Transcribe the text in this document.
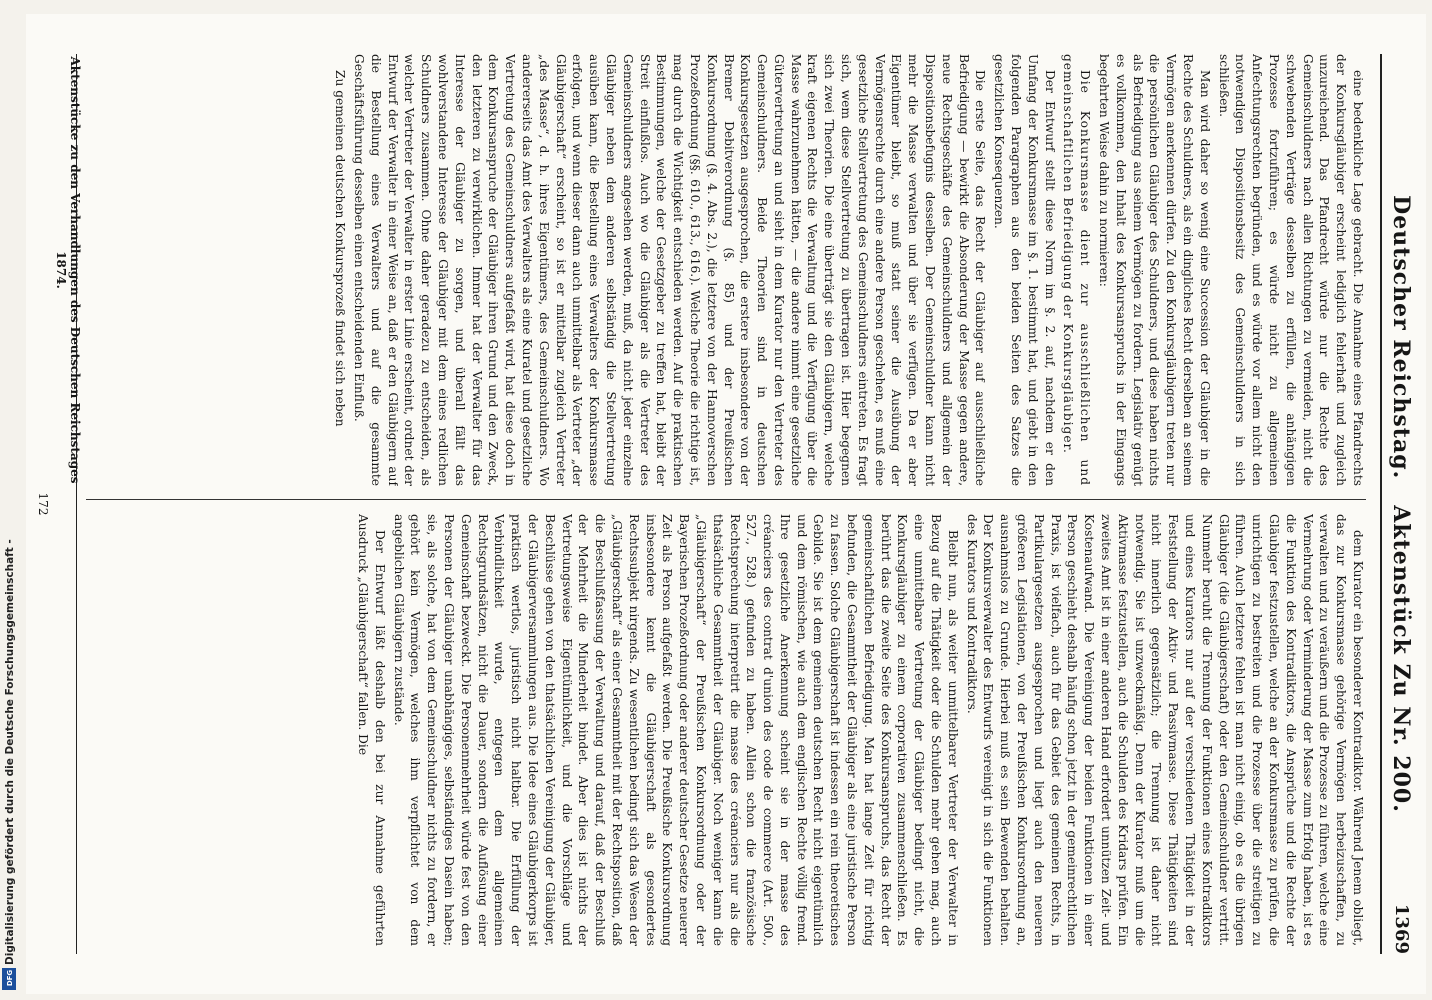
Digitalisierung gefördert durch die Deutsche Forschungsgemeinschaft -
DFG
Deutscher Reichstag.Aktenstück Zu Nr. 200.
1369

eine bedenkliche Lage gebracht. Die Annahme eines Pfandrechts der Konkursgläubiger erscheint lediglich fehlerhaft und zugleich unzureichend. Das Pfandrecht würde nur die Rechte des Gemeinschuldners nach allen Richtungen zu vermeiden, nicht die schwebenden Verträge desselben zu erfüllen, die anhängigen Prozesse fortzuführen; es würde nicht zu allgemeinen Anfechtungsrechten begründen, und es würde vor allem nicht den notwendigen Dispositionsbesitz des Gemeinschuldners in sich schließen.

Man wird daher so wenig eine Succession der Gläubiger in die Rechte des Schuldners, als ein dingliches Recht derselben an seinem Vermögen anerkennen dürfen. Zu den Konkursgläubigern treten nur die persönlichen Gläubiger des Schuldners, und diese haben nichts als Befriedigung aus seinem Vermögen zu fordern. Legislativ genügt es vollkommen, den Inhalt des Konkursanspruchs in der Eingangs begehrten Weise dahin zu normieren:

Die Konkursmasse dient zur ausschließlichen und gemeinschaftlichen Befriedigung der Konkursgläubiger.

Der Entwurf stellt diese Norm im §. 2. auf, nachdem er den Umfang der Konkursmasse im §. 1. bestimmt hat, und giebt in den folgenden Paragraphen aus den beiden Seiten des Satzes die gesetzlichen Konsequenzen.

Die erste Seite, das Recht der Gläubiger auf ausschließliche Befriedigung — bewirkt die Absonderung der Masse gegen andere, neue Rechtsgeschäfte des Gemeinschuldners und allgemein der Dispositionsbefugnis desselben. Der Gemeinschuldner kann nicht mehr die Masse verwalten und über sie verfügen. Da er aber Eigentümer bleibt, so muß statt seiner die Ausübung der Vermögensrechte durch eine andere Person geschehen, es muß eine gesetzliche Stellvertretung des Gemeinschuldners eintreten. Es fragt sich, wem diese Stellvertretung zu übertragen ist. Hier begegnen sich zwei Theorien. Die eine überträgt sie den Gläubigern, welche kraft eigenen Rechts die Verwaltung und die Verfügung über die Masse wahrzunehmen hätten, — die andere nimmt eine gesetzliche Gütervertretung an und sieht in dem Kurator nur den Vertreter des Gemeinschuldners. Beide Theorien sind in deutschen Konkursgesetzen ausgesprochen, die erstere insbesondere von der Bremer Debitverordnung (§. 85) und der Preußischen Konkursordnung (§. 4. Abs. 2.), die letztere von der Hannoverschen Prozeßordnung (§§. 610., 613., 616.). Welche Theorie die richtige ist, mag durch die Wichtigkeit entschieden werden. Auf die praktischen Bestimmungen, welche der Gesetzgeber zu treffen hat, bleibt der Streit einflußlos. Auch wo die Gläubiger als die Vertreter des Gemeinschuldners angesehen werden, muß, da nicht jeder einzelne Gläubiger neben dem anderen selbständig die Stellvertretung ausüben kann, die Bestellung eines Verwalters der Konkursmasse erfolgen, und wenn dieser dann auch unmittelbar als Vertreter „der Gläubigerschaft“ erscheint, so ist er mittelbar zugleich Vertreter „des Masse“, d. h. ihres Eigentümers, des Gemeinschuldners. Wo andererseits das Amt des Verwalters als eine Kuratel und gesetzliche Vertretung des Gemeinschuldners aufgefaßt wird, hat diese doch in dem Konkursanspruche der Gläubiger ihren Grund und den Zweck, den letzteren zu verwirklichen. Immer hat der Verwalter für das Interesse der Gläubiger zu sorgen, und überall fällt das wohlverstandene Interesse der Gläubiger mit dem eines redlichen Schuldners zusammen. Ohne daher geradezu zu entscheiden, als welcher Vertreter der Verwalter in erster Linie erscheint, ordnet der Entwurf der Verwalter in einer Weise an, daß er den Gläubigern auf die Bestellung eines Verwalters und auf die gesammte Geschäftsführung desselben einen entscheidenden Einfluß.

Zu gemeinen deutschen Konkursprozeß findet sich neben

dem Kurator ein besonderer Kontradiktor. Während Jenem obliegt, das zur Konkursmasse gehörige Vermögen herbeizuschaffen, zu verwalten und zu veräußern und die Prozesse zu führen, welche eine Vermehrung oder Verminderung der Masse zum Erfolg haben, ist es die Funktion des Kontradiktors, die Ansprüche und die Rechte der Gläubiger festzustellen, welche an der Konkursmasse zu prüfen, die unrichtigen zu bestreiten und die Prozesse über die streitigen zu führen. Auch letztere fehlen ist man nicht einig, ob es die übrigen Gläubiger (die Gläubigerschaft) oder den Gemeinschuldner vertritt. Nunmehr beruht die Trennung der Funktionen eines Kontradiktors und eines Kurators nur auf der verschiedenen Thätigkeit in der Feststellung der Aktiv- und Passivmasse. Diese Thätigkeiten sind nicht innerlich gegensätzlich; die Trennung ist daher nicht notwendig. Sie ist unzweckmäßig. Denn der Kurator muß um die Aktivmasse festzustellen, auch die Schulden des Kridars prüfen. Ein zweites Amt ist in einer anderen Hand erfordert unnützen Zeit- und Kostenaufwand. Die Vereinigung der beiden Funktionen in einer Person geschieht deshalb häufig schon jetzt in der gemeinrechtlichen Praxis, ist vielfach, auch für das Gebiet des gemeinen Rechts, in Partikulargesetzen ausgesprochen und liegt auch den neueren größeren Legislationen, von der Preußischen Konkursordnung an, ausnahmslos zu Grunde. Hierbei muß es sein Bewenden behalten. Der Konkursverwalter des Entwurfs vereinigt in sich die Funktionen des Kurators und Kontradiktors.

Bleibt nun, als weiter unmittelbarer Vertreter der Verwalter in Bezug auf die Thätigkeit oder die Schulden mehr gehen mag, auch eine unmittelbare Vertretung der Gläubiger bedingt nicht, die Konkursgläubiger zu einem corporativen zusammenschließen. Es berührt das die zweite Seite des Konkursanspruchs, das Recht der gemeinschaftlichen Befriedigung. Man hat lange Zeit für richtig befunden, die Gesammtheit der Gläubiger als eine juristische Person zu fassen. Solche Gläubigerschaft ist indessen ein rein theoretisches Gebilde. Sie ist dem gemeinen deutschen Recht nicht eigentümlich und dem römischen, wie auch dem englischen Rechte völlig fremd. Ihre gesetzliche Anerkennung scheint sie in der masse des créanciers des contrat d'union des code de commerce (Art. 500., 527., 528.) gefunden zu haben. Allein schon die französische Rechtsprechung interpretirt die masse des créanciers nur als die thatsächliche Gesammtheit der Gläubiger. Noch weniger kann die „Gläubigerschaft“ der Preußischen Konkursordnung oder der Bayerischen Prozeßordnung oder anderer deutscher Gesetze neuerer Zeit als Person aufgefaßt werden. Die Preußische Konkursordnung insbesondere kennt die Gläubigerschaft als gesondertes Rechtssubjekt nirgends. Zu wesentlichen bedingt sich das Wesen der „Gläubigerschaft“ als einer Gesammtheit mit der Rechtsposition, daß die Beschlußfassung der Verwaltung und darauf, daß der Beschluß der Mehrheit die Minderheit bindet. Aber dies ist nichts der Vertretungsweise Eigentümlichkeit, und die Vorschläge und Beschlüsse gehen von den thatsächlichen Vereinigung der Gläubiger, der Gläubigerversammlungen aus. Die Idee eines Gläubigerkorps ist praktisch wertlos, juristisch nicht haltbar. Die Erfüllung der Verbindlichkeit wurde, entgegen dem allgemeinen Rechtsgrundsätzen, nicht die Dauer, sondern die Auflösung einer Gemeinschaft bezweckt. Die Personenmehrheit würde fest von den Personen der Gläubiger unabhängiges, selbständiges Dasein haben; sie, als solche, hat von dem Gemeinschuldner nichts zu fordern, er gehört kein Vermögen, welches ihm verpflichtet von dem angeblichen Gläubigern zustände.

Der Entwurf läßt deshalb den bei zur Annahme geführten Ausdruck „Gläubigerschaft“ fallen. Die

Aktenstücke zu den Verhandlungen des Deutschen Reichstages 1874.
172
